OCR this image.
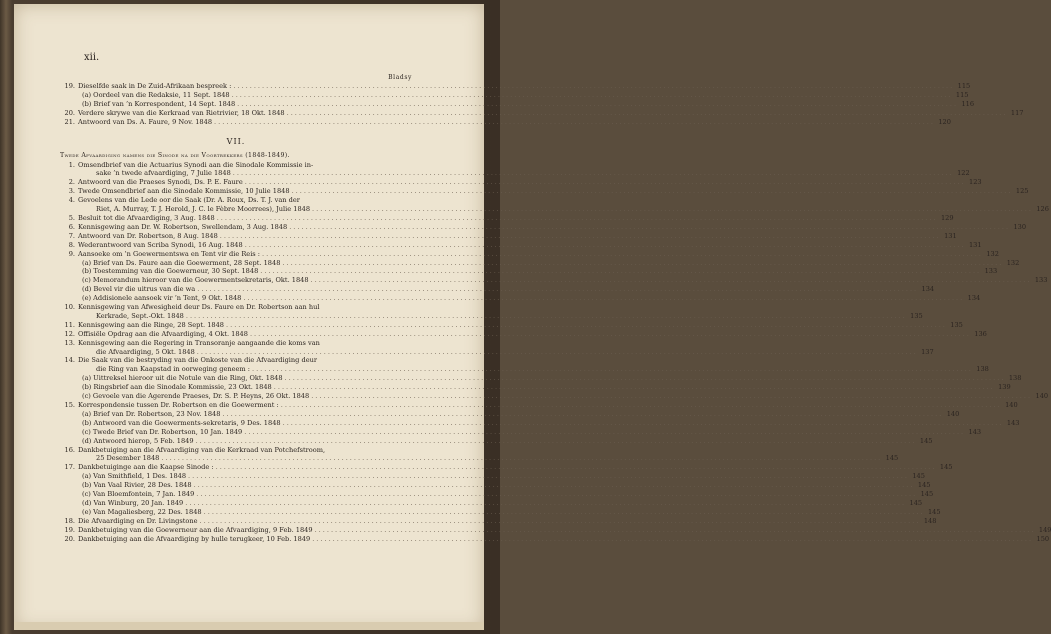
xii.
Bladsy
19. Dieselfde saak in De Zuid-Afrikaan bespreek : .....	115
(a) Oordeel van die Redaksie, 11 Sept. 1848 .....	115
(b) Brief van ’n Korrespondent, 14 Sept. 1848 .....	116
20. Verdere skrywe van die Kerkraad van Rietrivier, 18 Okt. 1848 .....	117
21. Antwoord van Ds. A. Faure, 9 Nov. 1848 .....	120
VII.
Twede Afvaardiging namens die Sinode na die Voortrekkers (1848-1849).
1. Omsendbrief van die Actuarius Synodi aan die Sinodale Kommissie in-
sake ’n twede afvaardiging, 7 Julie 1848 .....	122
2. Antwoord van die Praeses Synodi, Ds. P. E. Faure .....	123
3. Twede Omsendbrief aan die Sinodale Kommissie, 10 Julie 1848 .....	125
4. Gevoelens van die Lede oor die Saak (Dr. A. Roux, Ds. T. J. van der
Riet, A. Murray, T. J. Herold, J. C. le Fèbre Moorrees), Julie 1848 .....	126
5. Besluit tot die Afvaardiging, 3 Aug. 1848 .....	129
6. Kennisgewing aan Dr. W. Robertson, Swellendam, 3 Aug. 1848 .....	130
7. Antwoord van Dr. Robertson, 8 Aug. 1848 .....	131
8. Wederantwoord van Scriba Synodi, 16 Aug. 1848 .....	131
9. Aansoeke om ’n Goewermentswa en Tent vir die Reis : .....	132
(a) Brief van Ds. Faure aan die Goewerment, 28 Sept. 1848 .....	132
(b) Toestemming van die Goewerneur, 30 Sept. 1848 .....	133
(c) Memorandum hieroor van die Goewermentsekretaris, Okt. 1848 .....	133
(d) Bevel vir die uitrus van die wa .....	134
(e) Addisionele aansoek vir ’n Tent, 9 Okt. 1848 .....	134
10. Kennisgewing van Afwesigheid deur Ds. Faure en Dr. Robertson aan hul
Kerkrade, Sept.-Okt. 1848 .....	135
11. Kennisgewing aan die Ringe, 28 Sept. 1848 .....	135
12. Offisiële Opdrag aan die Afvaardiging, 4 Okt. 1848 .....	136
13. Kennisgewing aan die Regering in Transoranje aangaande die koms van
die Afvaardiging, 5 Okt. 1848 .....	137
14. Die Saak van die bestryding van die Onkoste van die Afvaardiging deur
die Ring van Kaapstad in oorweging geneem : .....	138
(a) Uittreksel hieroor uit die Notule van die Ring, Okt. 1848 .....	138
(b) Ringsbrief aan die Sinodale Kommissie, 23 Okt. 1848 .....	139
(c) Gevoele van die Agerende Praeses, Dr. S. P. Heyns, 26 Okt. 1848 .....	140
15. Korrespondensie tussen Dr. Robertson en die Goewerment : .....	140
(a) Brief van Dr. Robertson, 23 Nov. 1848 .....	140
(b) Antwoord van die Goewerments-sekretaris, 9 Des. 1848 .....	143
(c) Twede Brief van Dr. Robertson, 10 Jan. 1849 .....	143
(d) Antwoord hierop, 5 Feb. 1849 .....	145
16. Dankbetuiging aan die Afvaardiging van die Kerkraad van Potchefstroom,
25 Desember 1848 .....	145
17. Dankbetuiginge aan die Kaapse Sinode : .....	145
(a) Van Smithfield, 1 Des. 1848 .....	145
(b) Van Vaal Rivier, 28 Des. 1848 .....	145
(c) Van Bloemfontein, 7 Jan. 1849 .....	145
(d) Van Winburg, 20 Jan. 1849 .....	145
(e) Van Magaliesberg, 22 Des. 1848 .....	145
18. Die Afvaardiging en Dr. Livingstone .....	148
19. Dankbetuiging van die Goewerneur aan die Afvaardiging, 9 Feb. 1849 .....	149
20. Dankbetuiging aan die Afvaardiging by hulle terugkeer, 10 Feb. 1849 .....	150
